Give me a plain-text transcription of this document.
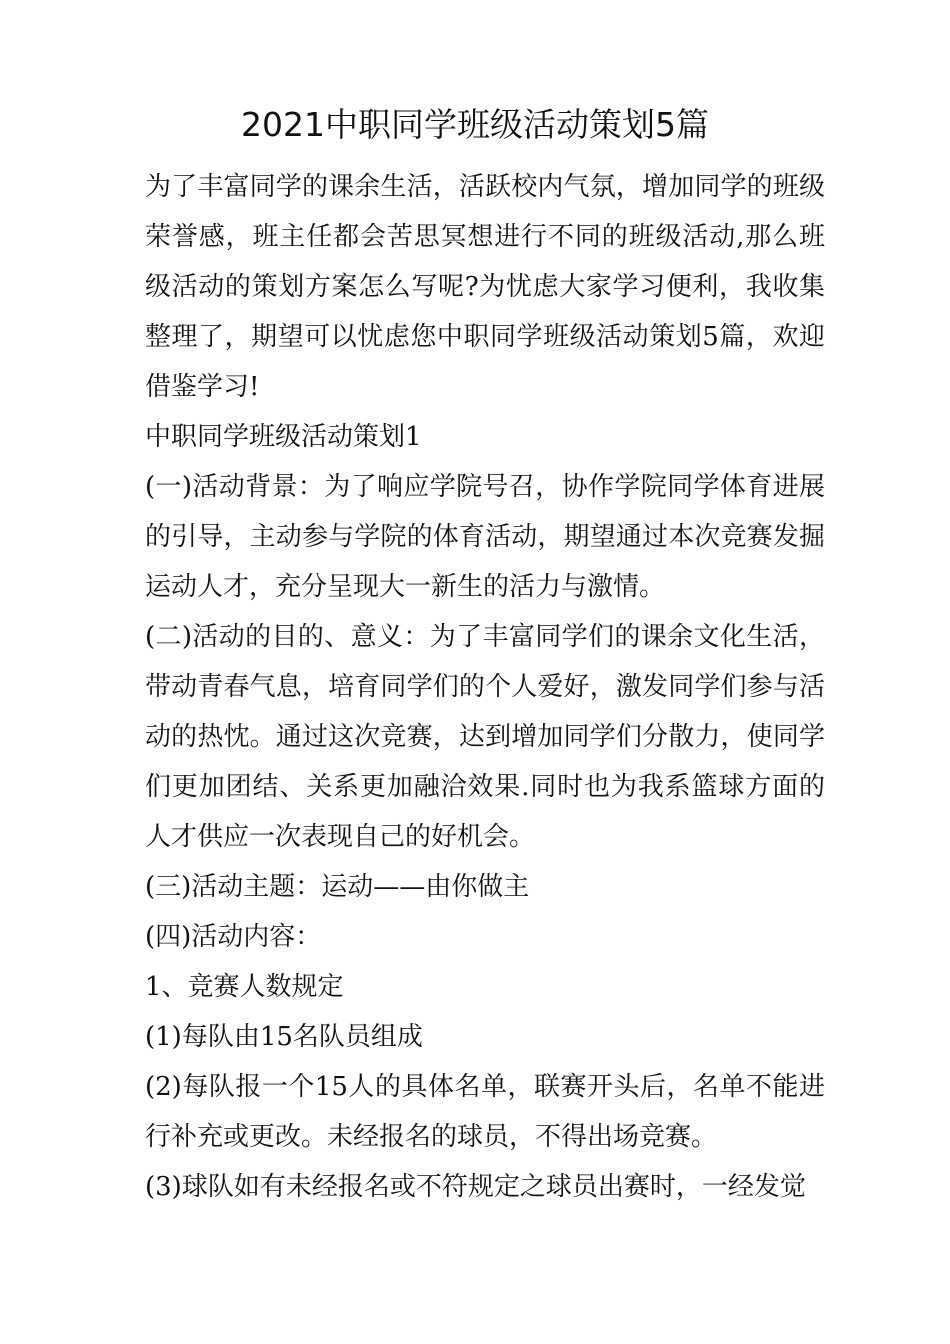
2021中职同学班级活动策划5篇

为了丰富同学的课余生活，活跃校内气氛，增加同学的班级荣誉感，班主任都会苦思冥想进行不同的班级活动,那么班级活动的策划方案怎么写呢?为忧虑大家学习便利，我收集整理了，期望可以忧虑您中职同学班级活动策划5篇，欢迎借鉴学习!

中职同学班级活动策划1

(一)活动背景：为了响应学院号召，协作学院同学体育进展的引导，主动参与学院的体育活动，期望通过本次竞赛发掘运动人才，充分呈现大一新生的活力与激情。

(二)活动的目的、意义：为了丰富同学们的课余文化生活，带动青春气息，培育同学们的个人爱好，激发同学们参与活动的热忱。通过这次竞赛，达到增加同学们分散力，使同学们更加团结、关系更加融洽效果.同时也为我系篮球方面的人才供应一次表现自己的好机会。

(三)活动主题：运动——由你做主

(四)活动内容：

1、竞赛人数规定

(1)每队由15名队员组成

(2)每队报一个15人的具体名单，联赛开头后，名单不能进行补充或更改。未经报名的球员，不得出场竞赛。

(3)球队如有未经报名或不符规定之球员出赛时，一经发觉
